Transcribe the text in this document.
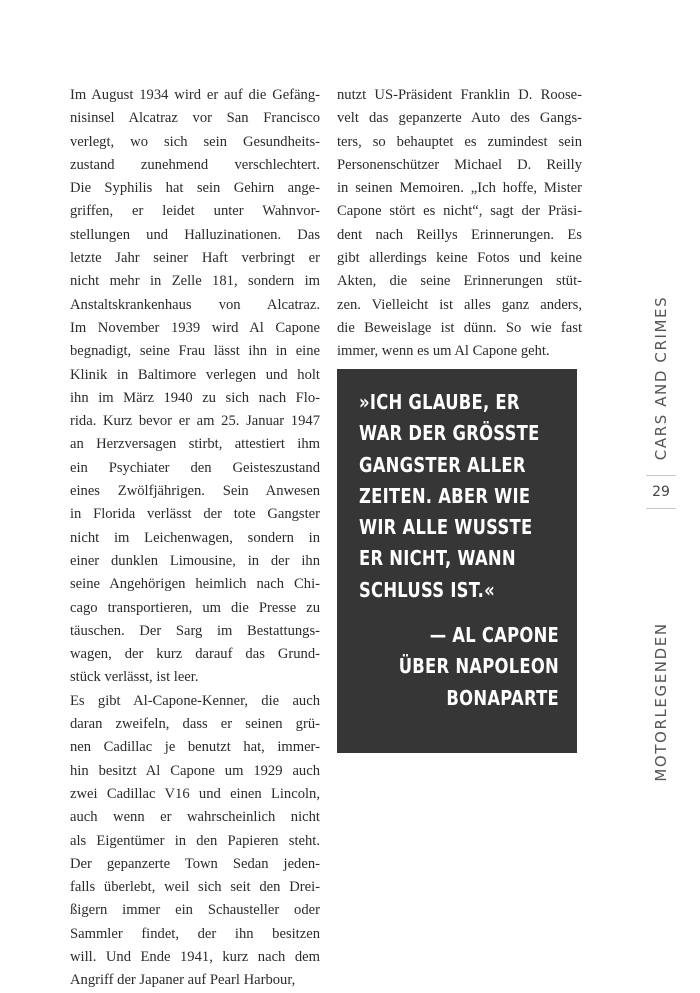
Im August 1934 wird er auf die Gefäng-
nisinsel Alcatraz vor San Francisco
verlegt, wo sich sein Gesundheits-
zustand zunehmend verschlechtert.
Die Syphilis hat sein Gehirn ange-
griffen, er leidet unter Wahnvor-
stellungen und Halluzinationen. Das
letzte Jahr seiner Haft verbringt er
nicht mehr in Zelle 181, sondern im
Anstaltskrankenhaus von Alcatraz.
Im November 1939 wird Al Capone
begnadigt, seine Frau lässt ihn in eine
Klinik in Baltimore verlegen und holt
ihn im März 1940 zu sich nach Flo-
rida. Kurz bevor er am 25. Januar 1947
an Herzversagen stirbt, attestiert ihm
ein Psychiater den Geisteszustand
eines Zwölfjährigen. Sein Anwesen
in Florida verlässt der tote Gangster
nicht im Leichenwagen, sondern in
einer dunklen Limousine, in der ihn
seine Angehörigen heimlich nach Chi-
cago transportieren, um die Presse zu
täuschen. Der Sarg im Bestattungs-
wagen, der kurz darauf das Grund-
stück verlässt, ist leer.
Es gibt Al-Capone-Kenner, die auch
daran zweifeln, dass er seinen grü-
nen Cadillac je benutzt hat, immer-
hin besitzt Al Capone um 1929 auch
zwei Cadillac V16 und einen Lincoln,
auch wenn er wahrscheinlich nicht
als Eigentümer in den Papieren steht.
Der gepanzerte Town Sedan jeden-
falls überlebt, weil sich seit den Drei-
ßigern immer ein Schausteller oder
Sammler findet, der ihn besitzen
will. Und Ende 1941, kurz nach dem
Angriff der Japaner auf Pearl Harbour,
nutzt US-Präsident Franklin D. Roose-
velt das gepanzerte Auto des Gangs-
ters, so behauptet es zumindest sein
Personenschützer Michael D. Reilly
in seinen Memoiren. „Ich hoffe, Mister
Capone stört es nicht“, sagt der Präsi-
dent nach Reillys Erinnerungen. Es
gibt allerdings keine Fotos und keine
Akten, die seine Erinnerungen stüt-
zen. Vielleicht ist alles ganz anders,
die Beweislage ist dünn. So wie fast
immer, wenn es um Al Capone geht.
»ICH GLAUBE, ER
WAR DER GRÖSSTE
GANGSTER ALLER
ZEITEN. ABER WIE
WIR ALLE WUSSTE
ER NICHT, WANN
SCHLUSS IST.«
— AL CAPONE
ÜBER NAPOLEON
BONAPARTE
CARS AND CRIMES
29
MOTORLEGENDEN
